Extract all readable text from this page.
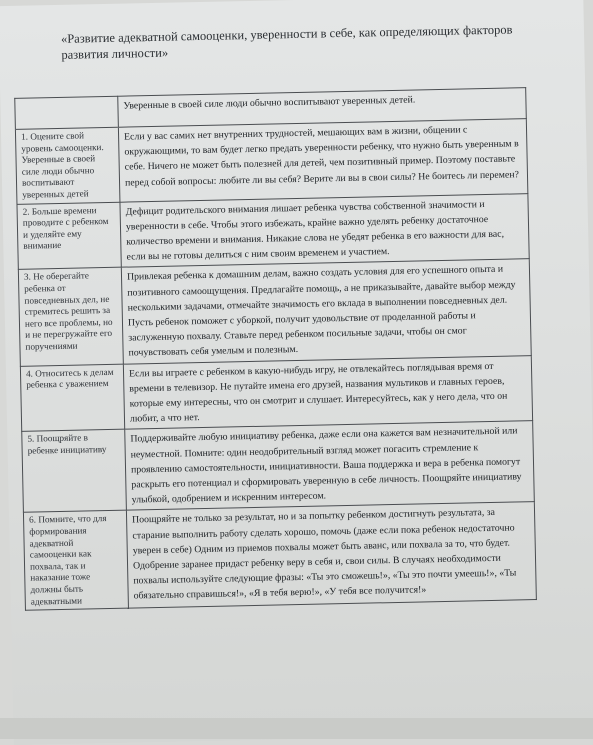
«Развитие адекватной самооценки, уверенности в себе, как определяющих факторов развития личности»
	Уверенные в своей силе люди обычно воспитывают уверенных детей.
1. Оцените свой уровень самооценки. Уверенные в своей силе люди обычно воспитывают уверенных детей	Если у вас самих нет внутренних трудностей, мешающих вам в жизни, общении с окружающими, то вам будет легко предать уверенности ребенку, что нужно быть уверенным в себе. Ничего не может быть полезней для детей, чем позитивный пример. Поэтому поставьте перед собой вопросы: любите ли вы себя? Верите ли вы в свои силы? Не боитесь ли перемен?
2. Больше времени проводите с ребенком и уделяйте ему внимание	Дефицит родительского внимания лишает ребенка чувства собственной значимости и уверенности в себе. Чтобы этого избежать, крайне важно уделять ребенку достаточное количество времени и внимания. Никакие слова не убедят ребенка в его важности для вас, если вы не готовы делиться с ним своим временем и участием.
3. Не оберегайте ребенка от повседневных дел, не стремитесь решить за него все проблемы, но и не перегружайте его поручениями	Привлекая ребенка к домашним делам, важно создать условия для его успешного опыта и позитивного самоощущения. Предлагайте помощь, а не приказывайте, давайте выбор между несколькими задачами, отмечайте значимость его вклада в выполнении повседневных дел. Пусть ребенок поможет с уборкой, получит удовольствие от проделанной работы и заслуженную похвалу. Ставьте перед ребенком посильные задачи, чтобы он смог почувствовать себя умелым и полезным.
4. Относитесь к делам ребенка с уважением	Если вы играете с ребенком в какую-нибудь игру, не отвлекайтесь поглядывая время от времени в телевизор. Не путайте имена его друзей, названия мультиков и главных героев, которые ему интересны, что он смотрит и слушает. Интересуйтесь, как у него дела, что он любит, а что нет.
5. Поощряйте в ребенке инициативу	Поддерживайте любую инициативу ребенка, даже если она кажется вам незначительной или неуместной. Помните: один неодобрительный взгляд может погасить стремление к проявлению самостоятельности, инициативности. Ваша поддержка и вера в ребенка помогут раскрыть его потенциал и сформировать уверенную в себе личность. Поощряйте инициативу улыбкой, одобрением и искренним интересом.
6. Помните, что для формирования адекватной самооценки как похвала, так и наказание тоже должны быть адекватными	Поощряйте не только за результат, но и за попытку ребенком достигнуть результата, за старание выполнить работу сделать хорошо, помочь (даже если пока ребенок недостаточно уверен в себе) Одним из приемов похвалы может быть аванс, или похвала за то, что будет. Одобрение заранее придаст ребенку веру в себя и, свои силы. В случаях необходимости похвалы используйте следующие фразы: «Ты это сможешь!», «Ты это почти умеешь!», «Ты обязательно справишься!», «Я в тебя верю!», «У тебя все получится!»
